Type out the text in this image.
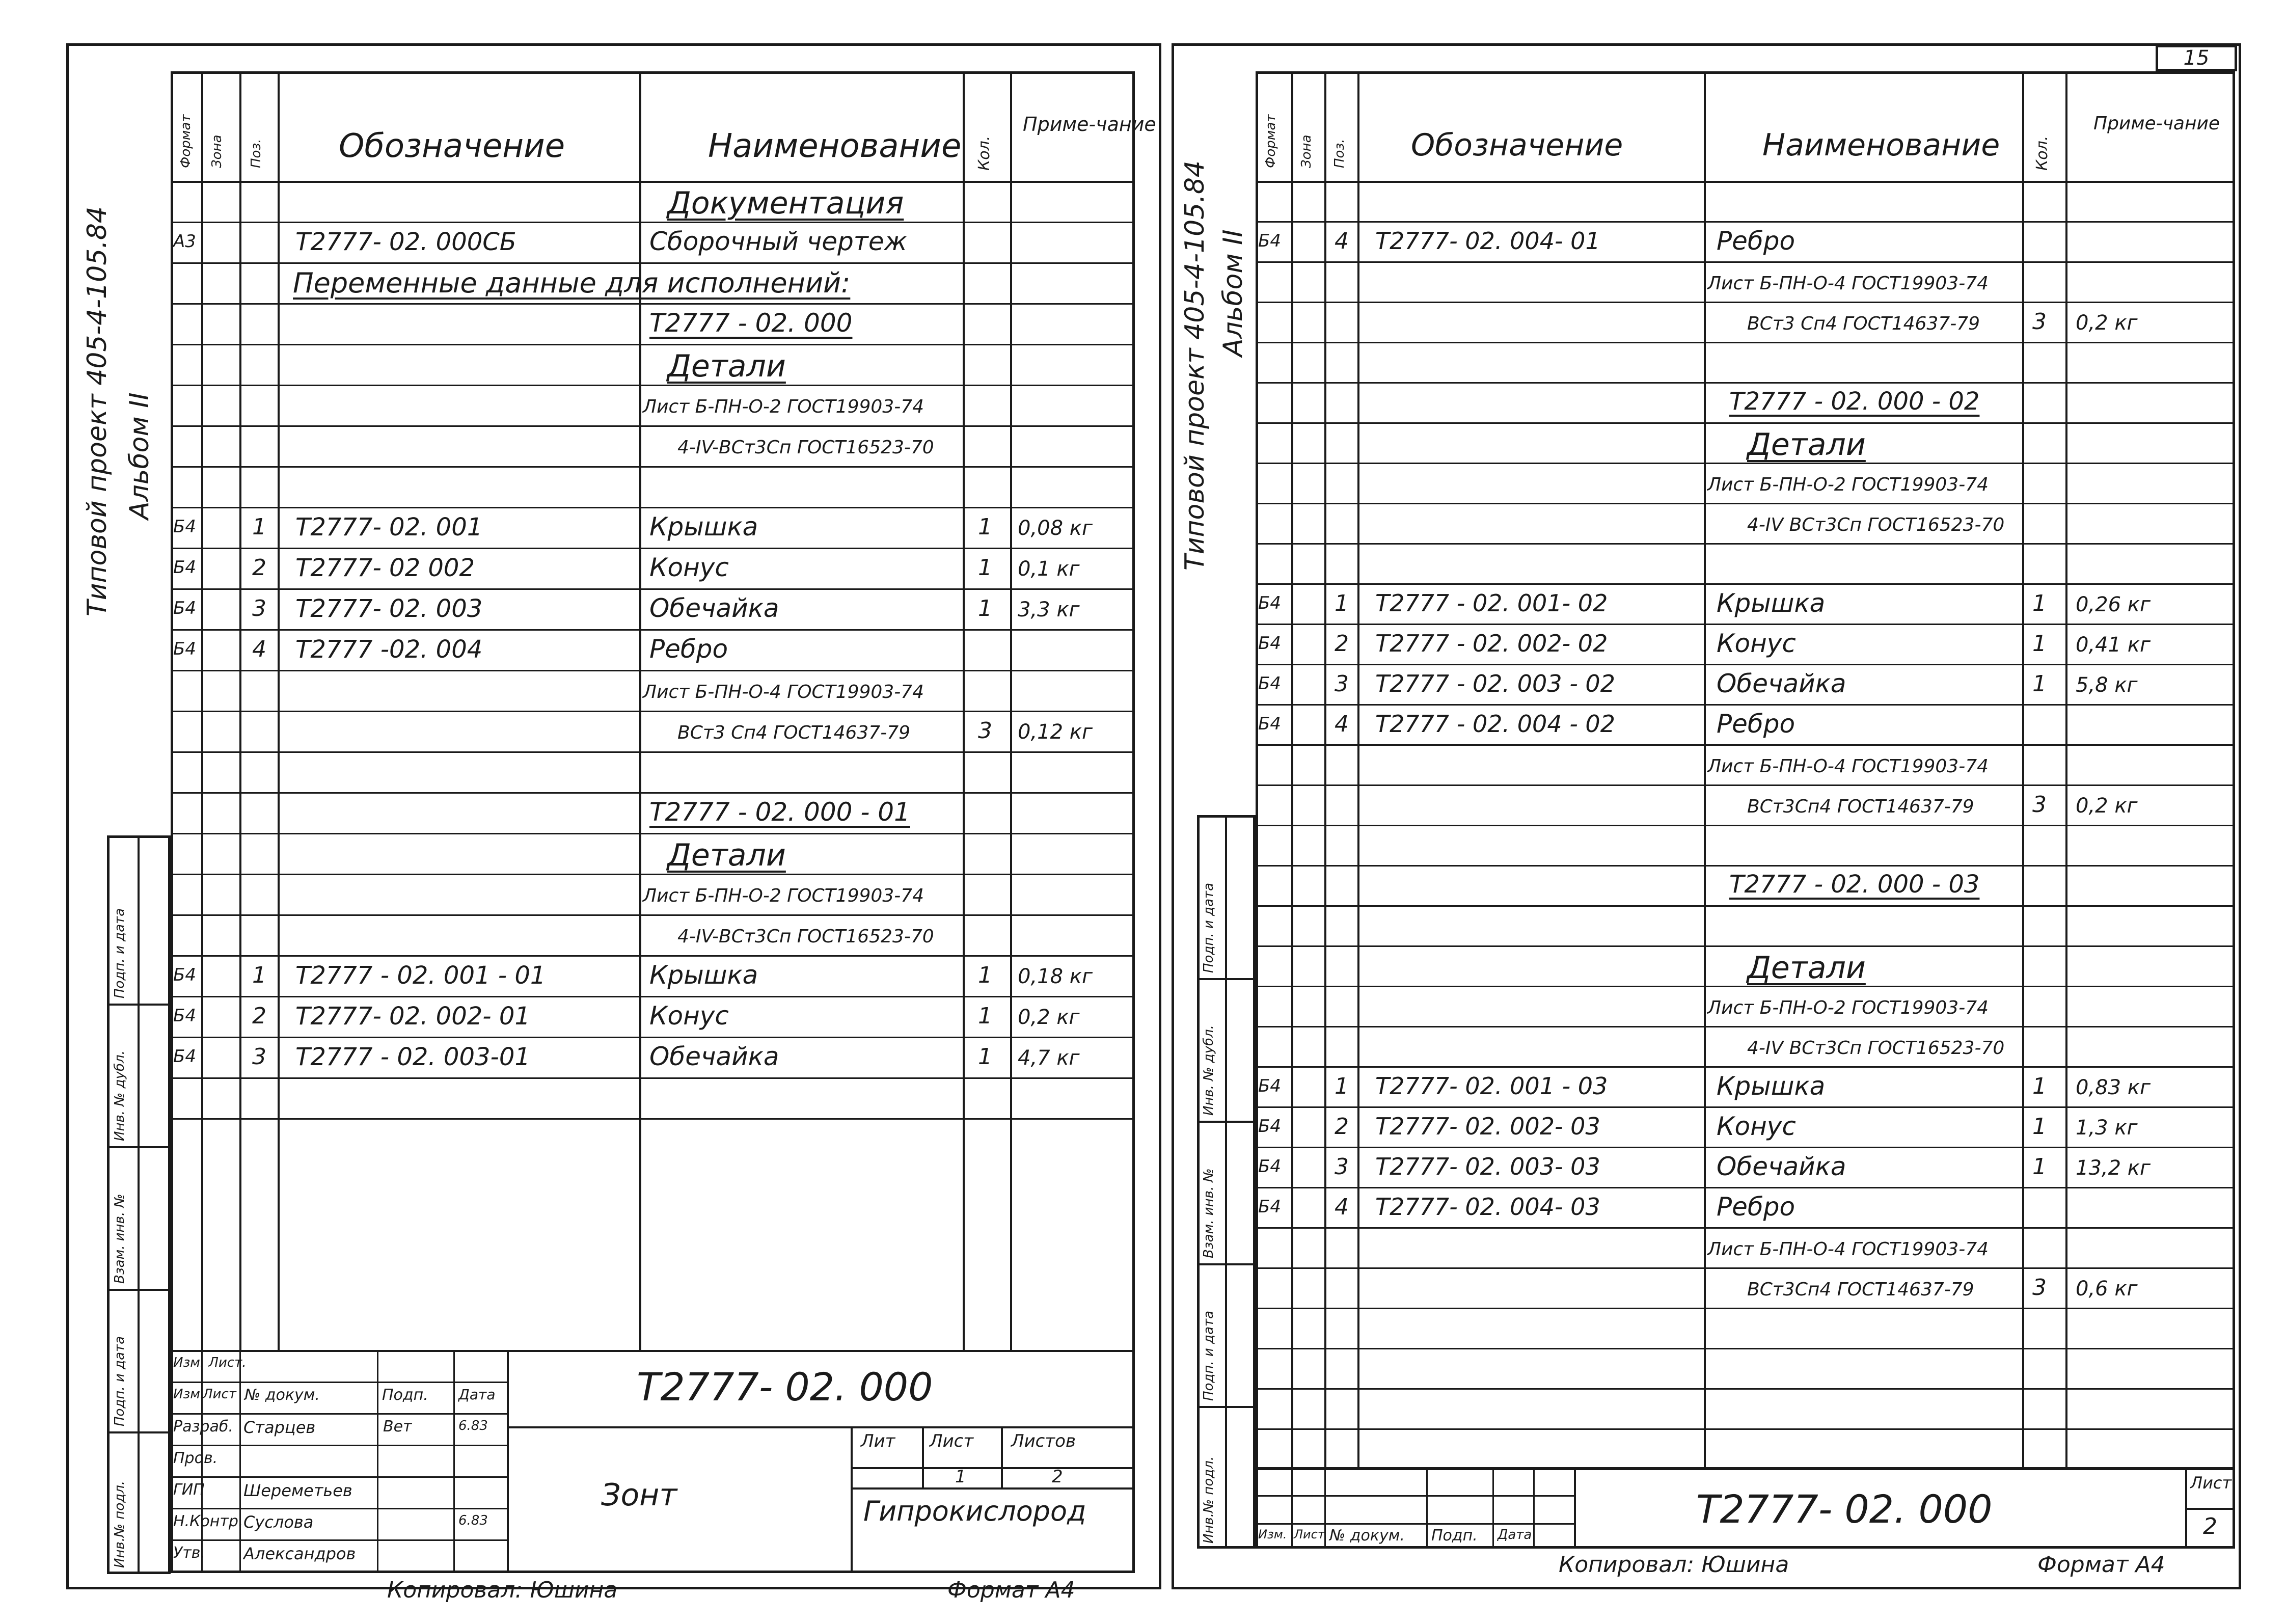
15
Формат Зона Поз. Обозначение	Наименование Кол.
Приме-чание
Документация
А3	Т2777- 02. 000СБ	Сборочный чертеж
Переменные данные для исполнений:
Т2777 - 02. 000
Детали
Лист Б-ПН-О-2 ГОСТ19903-74
4-IV-ВСт3Сп ГОСТ16523-70
Б4	1 Т2777- 02. 001	Крышка	1 0,08 кг
Б4	2 Т2777- 02 002	Конус	1 0,1 кг
Б4	3 Т2777- 02. 003	Обечайка	1 3,3 кг
Б4	4 Т2777 -02. 004	Ребро
Лист Б-ПН-О-4 ГОСТ19903-74
ВСт3 Сп4 ГОСТ14637-79	3 0,12 кг
Т2777 - 02. 000 - 01
Детали
Лист Б-ПН-О-2 ГОСТ19903-74
4-IV-ВСт3Сп ГОСТ16523-70
Б4	1 Т2777 - 02. 001 - 01	Крышка	1 0,18 кг
Б4	2 Т2777- 02. 002- 01	Конус	1 0,2 кг
Б4	3 Т2777 - 02. 003-01	Обечайка	1 4,7 кг
Типовой проект 405-4-105.84 Альбом II
Инв.№ подл.
Подп. и дата
Взам. инв. №
Инв. № дубл.
Подп. и дата
Т2777- 02. 000
Зонт	Гипрокислород
Лит Лист Листов
1	2
Изм. Лист.
Изм.
Лист № докум.	Подп. Дата
Разраб. Старцев	Вет	6.83
Пров.
ГИП Шереметьев
Н.Контр. Суслова	6.83
Утв. Александров
Копировал: Юшина	Формат А4
Формат Зона Поз. Обозначение	Наименование Кол.
Приме-чание
Б4 4 Т2777- 02. 004- 01	Ребро
Лист Б-ПН-О-4 ГОСТ19903-74
ВСт3 Сп4 ГОСТ14637-79 3 0,2 кг
Т2777 - 02. 000 - 02
Детали
Лист Б-ПН-О-2 ГОСТ19903-74
4-IV ВСт3Сп ГОСТ16523-70
Б4 1 Т2777 - 02. 001- 02	Крышка	1 0,26 кг
Б4 2 Т2777 - 02. 002- 02	Конус	1 0,41 кг
Б4 3 Т2777 - 02. 003 - 02	Обечайка	1 5,8 кг
Б4 4 Т2777 - 02. 004 - 02	Ребро
Лист Б-ПН-О-4 ГОСТ19903-74
ВСт3Сп4 ГОСТ14637-79	3 0,2 кг
Т2777 - 02. 000 - 03
Детали
Лист Б-ПН-О-2 ГОСТ19903-74
4-IV ВСт3Сп ГОСТ16523-70
Б4 1 Т2777- 02. 001 - 03	Крышка	1 0,83 кг
Б4 2 Т2777- 02. 002- 03	Конус	1 1,3 кг
Б4 3 Т2777- 02. 003- 03	Обечайка	1 13,2 кг
Б4 4 Т2777- 02. 004- 03	Ребро
Лист Б-ПН-О-4 ГОСТ19903-74
ВСт3Сп4 ГОСТ14637-79	3 0,6 кг
Типовой проект 405-4-105.84 Альбом II
Инв.№ подл.
Подп. и дата
Взам. инв. №
Инв. № дубл.
Подп. и дата
Т2777- 02. 000
Лист
2
Изм. Лист № докум. Подп. Дата
Копировал: Юшина	Формат А4
